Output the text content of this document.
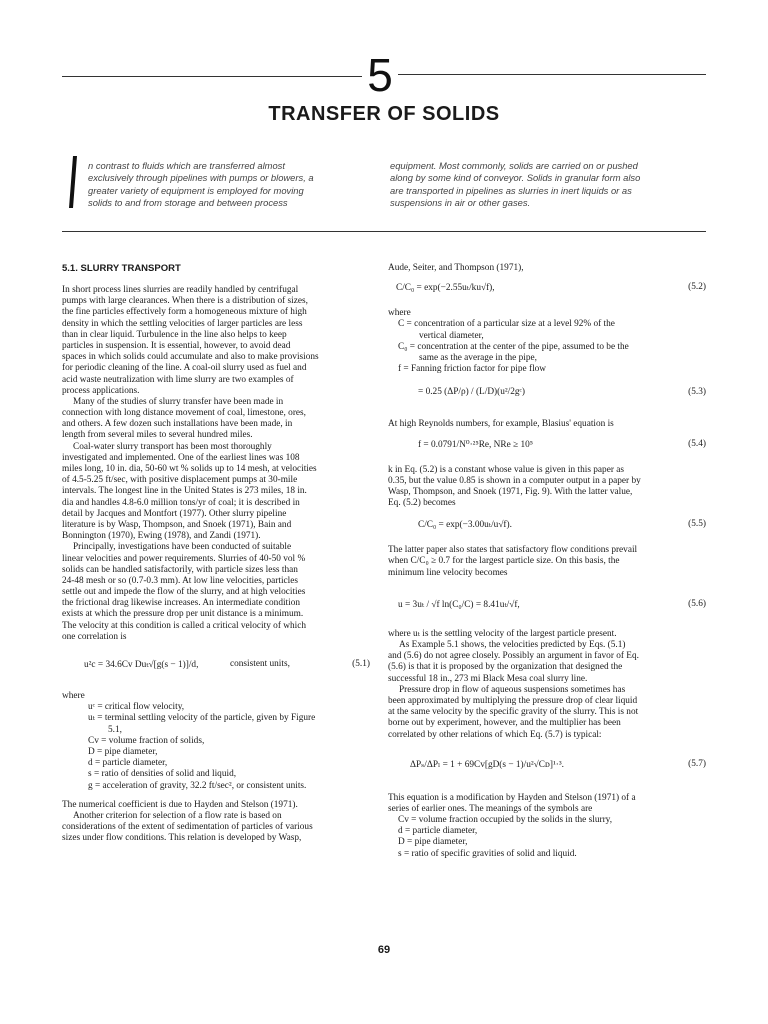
5
TRANSFER OF SOLIDS

n contrast to fluids which are transferred almost

exclusively through pipelines with pumps or blowers, a

greater variety of equipment is employed for moving

solids to and from storage and between process

equipment. Most commonly, solids are carried on or pushed

along by some kind of conveyor. Solids in granular form also

are transported in pipelines as slurries in inert liquids or as

suspensions in air or other gases.

5.1. SLURRY TRANSPORT

In short process lines slurries are readily handled by centrifugal

pumps with large clearances. When there is a distribution of sizes,

the fine particles effectively form a homogeneous mixture of high

density in which the settling velocities of larger particles are less

than in clear liquid. Turbulence in the line also helps to keep

particles in suspension. It is essential, however, to avoid dead

spaces in which solids could accumulate and also to make provisions

for periodic cleaning of the line. A coal-oil slurry used as fuel and

acid waste neutralization with lime slurry are two examples of

process applications.

Many of the studies of slurry transfer have been made in

connection with long distance movement of coal, limestone, ores,

and others. A few dozen such installations have been made, in

length from several miles to several hundred miles.

Coal-water slurry transport has been most thoroughly

investigated and implemented. One of the earliest lines was 108

miles long, 10 in. dia, 50-60 wt % solids up to 14 mesh, at velocities

of 4.5-5.25 ft/sec, with positive displacement pumps at 30-mile

intervals. The longest line in the United States is 273 miles, 18 in.

dia and handles 4.8-6.0 million tons/yr of coal; it is described in

detail by Jacques and Montfort (1977). Other slurry pipeline

literature is by Wasp, Thompson, and Snoek (1971), Bain and

Bonnington (1970), Ewing (1978), and Zandi (1971).

Principally, investigations have been conducted of suitable

linear velocities and power requirements. Slurries of 40-50 vol %

solids can be handled satisfactorily, with particle sizes less than

24-48 mesh or so (0.7-0.3 mm). At low line velocities, particles

settle out and impede the flow of the slurry, and at high velocities

the frictional drag likewise increases. An intermediate condition

exists at which the pressure drop per unit distance is a minimum.

The velocity at this condition is called a critical velocity of which

one correlation is

u²c = 34.6Cv Duₜ√[g(s − 1)]/d,	consistent units,	(5.1)

where

uᶜ = critical flow velocity,

uₜ = terminal settling velocity of the particle, given by Figure

5.1,

Cv = volume fraction of solids,

D = pipe diameter,

d = particle diameter,

s = ratio of densities of solid and liquid,

g = acceleration of gravity, 32.2 ft/sec², or consistent units.

The numerical coefficient is due to Hayden and Stelson (1971).

Another criterion for selection of a flow rate is based on

considerations of the extent of sedimentation of particles of various

sizes under flow conditions. This relation is developed by Wasp,

Aude, Seiter, and Thompson (1971),

C/C₀ = exp(−2.55uₜ/ku√f),	(5.2)

where

C = concentration of a particular size at a level 92% of the

vertical diameter,

C₀ = concentration at the center of the pipe, assumed to be the

same as the average in the pipe,

f = Fanning friction factor for pipe flow

= 0.25 (ΔP/ρ) / (L/D)(u²/2gᶜ)	(5.3)

At high Reynolds numbers, for example, Blasius' equation is

f = 0.0791/N⁰·²⁵Re, NRe ≥ 10⁵	(5.4)

k in Eq. (5.2) is a constant whose value is given in this paper as

0.35, but the value 0.85 is shown in a computer output in a paper by

Wasp, Thompson, and Snoek (1971, Fig. 9). With the latter value,

Eq. (5.2) becomes

C/C₀ = exp(−3.00uₜ/u√f).	(5.5)

The latter paper also states that satisfactory flow conditions prevail

when C/C₀ ≥ 0.7 for the largest particle size. On this basis, the

minimum line velocity becomes

u = 3uₜ / √f ln(C₀/C) = 8.41uₜ/√f,	(5.6)

where uₜ is the settling velocity of the largest particle present.

As Example 5.1 shows, the velocities predicted by Eqs. (5.1)

and (5.6) do not agree closely. Possibly an argument in favor of Eq.

(5.6) is that it is proposed by the organization that designed the

successful 18 in., 273 mi Black Mesa coal slurry line.

Pressure drop in flow of aqueous suspensions sometimes has

been approximated by multiplying the pressure drop of clear liquid

at the same velocity by the specific gravity of the slurry. This is not

borne out by experiment, however, and the multiplier has been

correlated by other relations of which Eq. (5.7) is typical:

ΔPₛ/ΔPₗ = 1 + 69Cv[gD(s − 1)/u²√Cᴅ]¹·³.	(5.7)

This equation is a modification by Hayden and Stelson (1971) of a

series of earlier ones. The meanings of the symbols are

Cv = volume fraction occupied by the solids in the slurry,

d = particle diameter,

D = pipe diameter,

s = ratio of specific gravities of solid and liquid.

69
